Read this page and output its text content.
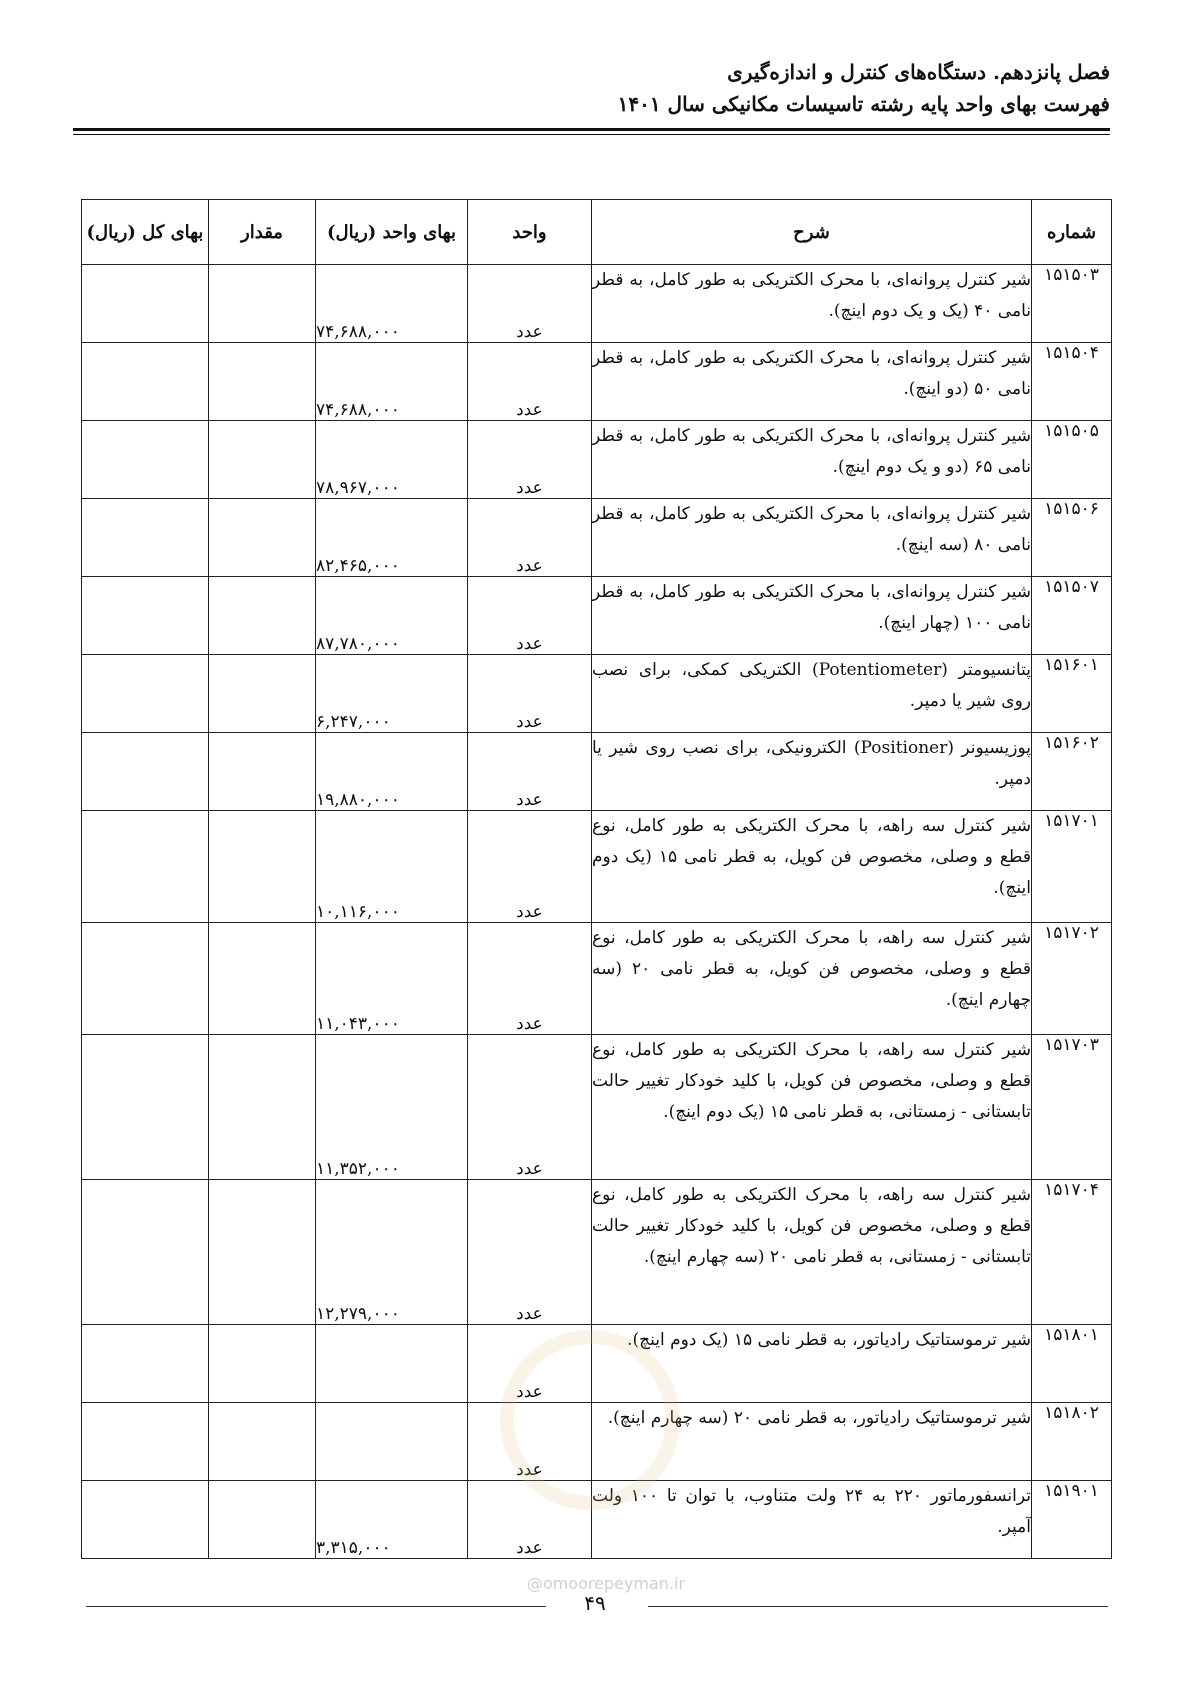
فصل پانزدهم. دستگاه‌های کنترل و اندازه‌گیری
فهرست بهای واحد پایه رشته تاسیسات مکانیکی سال ۱۴۰۱
شماره	شرح	واحد	بهای واحد (ریال)	مقدار	بهای کل (ریال)
۱۵۱۵۰۳	شیر کنترل پروانه‌ای، با محرک الکتریکی به طور کامل، به قطر نامی ۴۰ (یک و یک دوم اینچ).	عدد	۷۴,۶۸۸,۰۰۰		
۱۵۱۵۰۴	شیر کنترل پروانه‌ای، با محرک الکتریکی به طور کامل، به قطر نامی ۵۰ (دو اینچ).	عدد	۷۴,۶۸۸,۰۰۰		
۱۵۱۵۰۵	شیر کنترل پروانه‌ای، با محرک الکتریکی به طور کامل، به قطر نامی ۶۵ (دو و یک دوم اینچ).	عدد	۷۸,۹۶۷,۰۰۰		
۱۵۱۵۰۶	شیر کنترل پروانه‌ای، با محرک الکتریکی به طور کامل، به قطر نامی ۸۰ (سه اینچ).	عدد	۸۲,۴۶۵,۰۰۰		
۱۵۱۵۰۷	شیر کنترل پروانه‌ای، با محرک الکتریکی به طور کامل، به قطر نامی ۱۰۰ (چهار اینچ).	عدد	۸۷,۷۸۰,۰۰۰		
۱۵۱۶۰۱	پتانسیومتر (Potentiometer) الکتریکی کمکی، برای نصب روی شیر یا دمپر.	عدد	۶,۲۴۷,۰۰۰		
۱۵۱۶۰۲	پوزیسیونر (Positioner) الکترونیکی، برای نصب روی شیر یا دمپر.	عدد	۱۹,۸۸۰,۰۰۰		
۱۵۱۷۰۱	شیر کنترل سه راهه، با محرک الکتریکی به طور کامل، نوع قطع و وصلی، مخصوص فن کویل، به قطر نامی ۱۵ (یک دوم اینچ).	عدد	۱۰,۱۱۶,۰۰۰		
۱۵۱۷۰۲	شیر کنترل سه راهه، با محرک الکتریکی به طور کامل، نوع قطع و وصلی، مخصوص فن کویل، به قطر نامی ۲۰ (سه چهارم اینچ).	عدد	۱۱,۰۴۳,۰۰۰		
۱۵۱۷۰۳	شیر کنترل سه راهه، با محرک الکتریکی به طور کامل، نوع قطع و وصلی، مخصوص فن کویل، با کلید خودکار تغییر حالت تابستانی - زمستانی، به قطر نامی ۱۵ (یک دوم اینچ).	عدد	۱۱,۳۵۲,۰۰۰		
۱۵۱۷۰۴	شیر کنترل سه راهه، با محرک الکتریکی به طور کامل، نوع قطع و وصلی، مخصوص فن کویل، با کلید خودکار تغییر حالت تابستانی - زمستانی، به قطر نامی ۲۰ (سه چهارم اینچ).	عدد	۱۲,۲۷۹,۰۰۰		
۱۵۱۸۰۱	شیر ترموستاتیک رادیاتور، به قطر نامی ۱۵ (یک دوم اینچ).	عدد			
۱۵۱۸۰۲	شیر ترموستاتیک رادیاتور، به قطر نامی ۲۰ (سه چهارم اینچ).	عدد			
۱۵۱۹۰۱	ترانسفورماتور ۲۲۰ به ۲۴ ولت متناوب، با توان تا ۱۰۰ ولت آمپر.	عدد	۳,۳۱۵,۰۰۰		
@omoorepeyman.ir
۴۹
